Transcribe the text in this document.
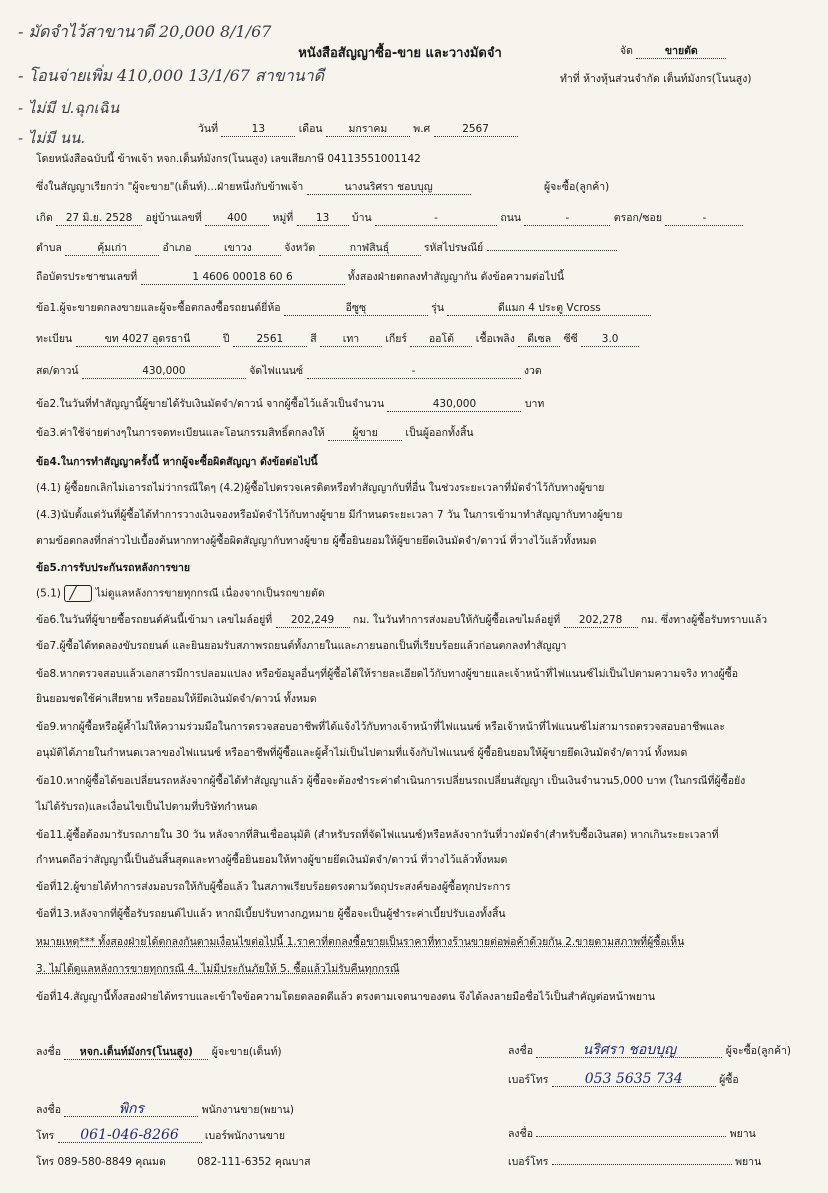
- มัดจำไว้สาขานาดี 20,000 8/1/67
- โอนจ่ายเพิ่ม 410,000 13/1/67 สาขานาดี
- ไม่มี ป.ฉุกเฉิน
- ไม่มี นน.
หนังสือสัญญาซื้อ-ขาย และวางมัดจำ	จัด	ขายตัด
ทำที่ ห้างหุ้นส่วนจำกัด เต็นท์มังกร(โนนสูง)
วันที่	13	เดือน มกราคม พ.ศ	2567
โดยหนังสือฉบับนี้ ข้าพเจ้า หจก.เต็นท์มังกร(โนนสูง) เลขเสียภาษี 04113551001142
ซึ่งในสัญญาเรียกว่า "ผู้จะขาย"(เต็นท์)...ฝ่ายหนึ่งกับข้าพเจ้า	นางนริศรา ชอบบุญ	ผู้จะซื้อ(ลูกค้า)
เกิด 27 มิ.ย. 2528 อยู่บ้านเลขที่ 400 หมู่ที่ 13 บ้าน	-	ถนน	-	ตรอก/ซอย	-
ตำบล	คุ้มเก่า	อำเภอ	เขาวง	จังหวัด	กาฬสินธุ์	รหัสไปรษณีย์
ถือบัตรประชาชนเลขที่	1 4606 00018 60 6	ทั้งสองฝ่ายตกลงทำสัญญากัน ดังข้อความต่อไปนี้
ข้อ1.ผู้จะขายตกลงขายและผู้จะซื้อตกลงซื้อรถยนต์ยี่ห้อ	อีซูซุ	รุ่น	ดีแมก 4 ประตู Vcross
ทะเบียน	ขท 4027 อุดรธานี	ปี	2561	สี เทา เกียร์ ออโต้ เชื้อเพลิง ดีเซล ซีซี 3.0
สด/ดาวน์	430,000	จัดไฟแนนซ์	-	งวด
ข้อ2.ในวันที่ทำสัญญานี้ผู้ขายได้รับเงินมัดจำ/ดาวน์ จากผู้ซื้อไว้แล้วเป็นจำนวน	430,000	บาท
ข้อ3.ค่าใช้จ่ายต่างๆในการจดทะเบียนและโอนกรรมสิทธิ์ตกลงให้	ผู้ขาย	เป็นผู้ออกทั้งสิ้น
ข้อ4.ในการทำสัญญาครั้งนี้ หากผู้จะซื้อผิดสัญญา ดังข้อต่อไปนี้
(4.1) ผู้ซื้อยกเลิกไม่เอารถไม่ว่ากรณีใดๆ (4.2)ผู้ซื้อไปตรวจเครดิตหรือทำสัญญากับที่อื่น ในช่วงระยะเวลาที่มัดจำไว้กับทางผู้ขาย
(4.3)นับตั้งแต่วันที่ผู้ซื้อได้ทำการวางเงินจองหรือมัดจำไว้กับทางผู้ขาย มีกำหนดระยะเวลา 7 วัน ในการเข้ามาทำสัญญากับทางผู้ขาย
ตามข้อตกลงที่กล่าวไปเบื้องต้นหากทางผู้ซื้อผิดสัญญากับทางผู้ขาย ผู้ซื้อยินยอมให้ผู้ขายยึดเงินมัดจำ/ดาวน์ ที่วางไว้แล้วทั้งหมด
ข้อ5.การรับประกันรถหลังการขาย
(5.1) ╱ ไม่ดูแลหลังการขายทุกกรณี เนื่องจากเป็นรถขายตัด
ข้อ6.ในวันที่ผู้ขายซื้อรถยนต์คันนี้เข้ามา เลขไมล์อยู่ที่ 202,249 กม. ในวันทำการส่งมอบให้กับผู้ซื้อเลขไมล์อยู่ที่ 202,278 กม. ซึ่งทางผู้ซื้อรับทราบแล้ว
ข้อ7.ผู้ซื้อได้ทดลองขับรถยนต์ และยินยอมรับสภาพรถยนต์ทั้งภายในและภายนอกเป็นที่เรียบร้อยแล้วก่อนตกลงทำสัญญา
ข้อ8.หากตรวจสอบแล้วเอกสารมีการปลอมแปลง หรือข้อมูลอื่นๆที่ผู้ซื้อได้ให้รายละเอียดไว้กับทางผู้ขายและเจ้าหน้าที่ไฟแนนซ์ไม่เป็นไปตามความจริง ทางผู้ซื้อ
ยินยอมชดใช้ค่าเสียหาย หรือยอมให้ยึดเงินมัดจำ/ดาวน์ ทั้งหมด
ข้อ9.หากผู้ซื้อหรือผู้ค้ำไม่ให้ความร่วมมือในการตรวจสอบอาชีพที่ได้แจ้งไว้กับทางเจ้าหน้าที่ไฟแนนซ์ หรือเจ้าหน้าที่ไฟแนนซ์ไม่สามารถตรวจสอบอาชีพและ
อนุมัติได้ภายในกำหนดเวลาของไฟแนนซ์ หรืออาชีพที่ผู้ซื้อและผู้ค้ำไม่เป็นไปตามที่แจ้งกับไฟแนนซ์ ผู้ซื้อยินยอมให้ผู้ขายยึดเงินมัดจำ/ดาวน์ ทั้งหมด
ข้อ10.หากผู้ซื้อได้ขอเปลี่ยนรถหลังจากผู้ซื้อได้ทำสัญญาแล้ว ผู้ซื้อจะต้องชำระค่าดำเนินการเปลี่ยนรถเปลี่ยนสัญญา เป็นเงินจำนวน5,000 บาท (ในกรณีที่ผู้ซื้อยัง
ไม่ได้รับรถ)และเงื่อนไขเป็นไปตามที่บริษัทกำหนด
ข้อ11.ผู้ซื้อต้องมารับรถภายใน 30 วัน หลังจากที่สินเชื่ออนุมัติ (สำหรับรถที่จัดไฟแนนซ์)หรือหลังจากวันที่วางมัดจำ(สำหรับซื้อเงินสด) หากเกินระยะเวลาที่
กำหนดถือว่าสัญญานี้เป็นอันสิ้นสุดและทางผู้ซื้อยินยอมให้ทางผู้ขายยึดเงินมัดจำ/ดาวน์ ที่วางไว้แล้วทั้งหมด
ข้อที่12.ผู้ขายได้ทำการส่งมอบรถให้กับผู้ซื้อแล้ว ในสภาพเรียบร้อยตรงตามวัตถุประสงค์ของผู้ซื้อทุกประการ
ข้อที่13.หลังจากที่ผู้ซื้อรับรถยนต์ไปแล้ว หากมีเบี้ยปรับทางกฎหมาย ผู้ซื้อจะเป็นผู้ชำระค่าเบี้ยปรับเองทั้งสิ้น
หมายเหตุ*** ทั้งสองฝ่ายได้ตกลงกันตามเงื่อนไขต่อไปนี้ 1.ราคาที่ตกลงซื้อขายเป็นราคาที่ทางร้านขายต่อพ่อค้าด้วยกัน 2.ขายตามสภาพที่ผู้ซื้อเห็น
3. ไม่ได้ดูแลหลังการขายทุกกรณี 4. ไม่มีประกันภัยให้ 5. ซื้อแล้วไม่รับคืนทุกกรณี
ข้อที่14.สัญญานี้ทั้งสองฝ่ายได้ทราบและเข้าใจข้อความโดยตลอดดีแล้ว ตรงตามเจตนาของตน จึงได้ลงลายมือชื่อไว้เป็นสำคัญต่อหน้าพยาน
ลงชื่อ หจก.เต็นท์มังกร(โนนสูง) ผู้จะขาย(เต็นท์)	ลงชื่อ	นริศรา ชอบบุญ	ผู้จะซื้อ(ลูกค้า)
เบอร์โทร	053 5635 734	ผู้ซื้อ
ลงชื่อ	พิกร	พนักงานขาย(พยาน)
โทร 061-046-8266 เบอร์พนักงานขาย	ลงชื่อ	พยาน
โทร 089-580-8849 คุณมด	082-111-6352 คุณบาส	เบอร์โทร	พยาน
